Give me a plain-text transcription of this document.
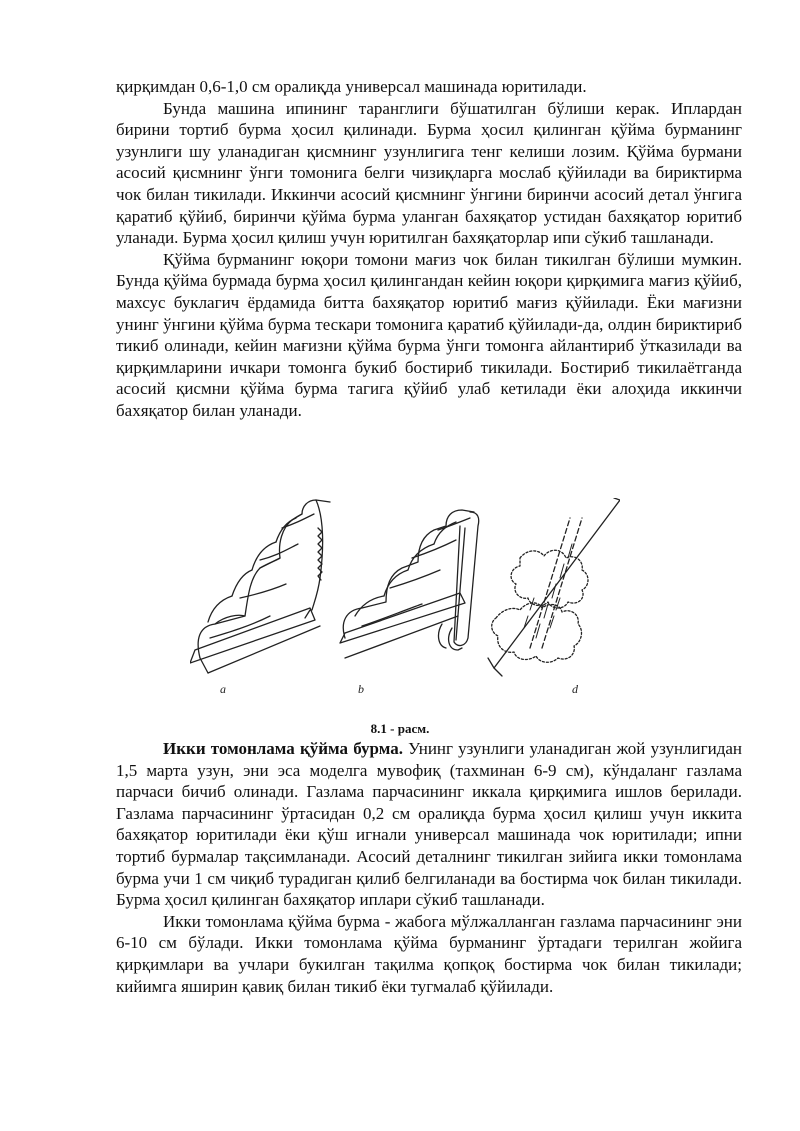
қирқимдан 0,6-1,0 см оралиқда универсал машинада юритилади.

Бунда машина ипининг таранглиги бўшатилган бўлиши керак. Иплардан бирини тортиб бурма ҳосил қилинади. Бурма ҳосил қилинган қўйма бурманинг узунлиги шу уланадиган қисмнинг узунлигига тенг келиши лозим. Қўйма бурмани асосий қисмнинг ўнги томонига белги чизиқларга мослаб қўйилади ва бириктирма чок билан тикилади. Иккинчи асосий қисмнинг ўнгини биринчи асосий детал ўнгига қаратиб қўйиб, биринчи қўйма бурма уланган бахяқатор устидан бахяқатор юритиб уланади. Бурма ҳосил қилиш учун юритилган бахяқаторлар ипи сўкиб ташланади.

Қўйма бурманинг юқори томони мағиз чок билан тикилган бўлиши мумкин. Бунда қўйма бурмада бурма ҳосил қилингандан кейин юқори қирқимига мағиз қўйиб, махсус буклагич ёрдамида битта бахяқатор юритиб мағиз қўйилади. Ёки мағизни унинг ўнгини қўйма бурма тескари томонига қаратиб қўйилади-да, олдин бириктириб тикиб олинади, кейин мағизни қўйма бурма ўнги томонга айлантириб ўтказилади ва қирқимларини ичкари томонга букиб бостириб тикилади. Бостириб тикилаётганда асосий қисмни қўйма бурма тагига қўйиб улаб кетилади ёки алоҳида иккинчи бахяқатор билан уланади.

a	b	d
8.1 - расм.

Икки томонлама қўйма бурма. Унинг узунлиги уланадиган жой узунлигидан 1,5 марта узун, эни эса моделга мувофиқ (тахминан 6-9 см), кўндаланг газлама парчаси бичиб олинади. Газлама парчасининг иккала қирқимига ишлов берилади. Газлама парчасининг ўртасидан 0,2 см оралиқда бурма ҳосил қилиш учун иккита бахяқатор юритилади ёки қўш игнали универсал машинада чок юритилади; ипни тортиб бурмалар тақсимланади. Асосий деталнинг тикилган зийига икки томонлама бурма учи 1 см чиқиб турадиган қилиб белгиланади ва бостирма чок билан тикилади. Бурма ҳосил қилинган бахяқатор иплари сўкиб ташланади.

Икки томонлама қўйма бурма - жабога мўлжалланган газлама парчасининг эни 6-10 см бўлади. Икки томонлама қўйма бурманинг ўртадаги терилган жойига қирқимлари ва учлари букилган тақилма қопқоқ бостирма чок билан тикилади; кийимга яширин қавиқ билан тикиб ёки тугмалаб қўйилади.
